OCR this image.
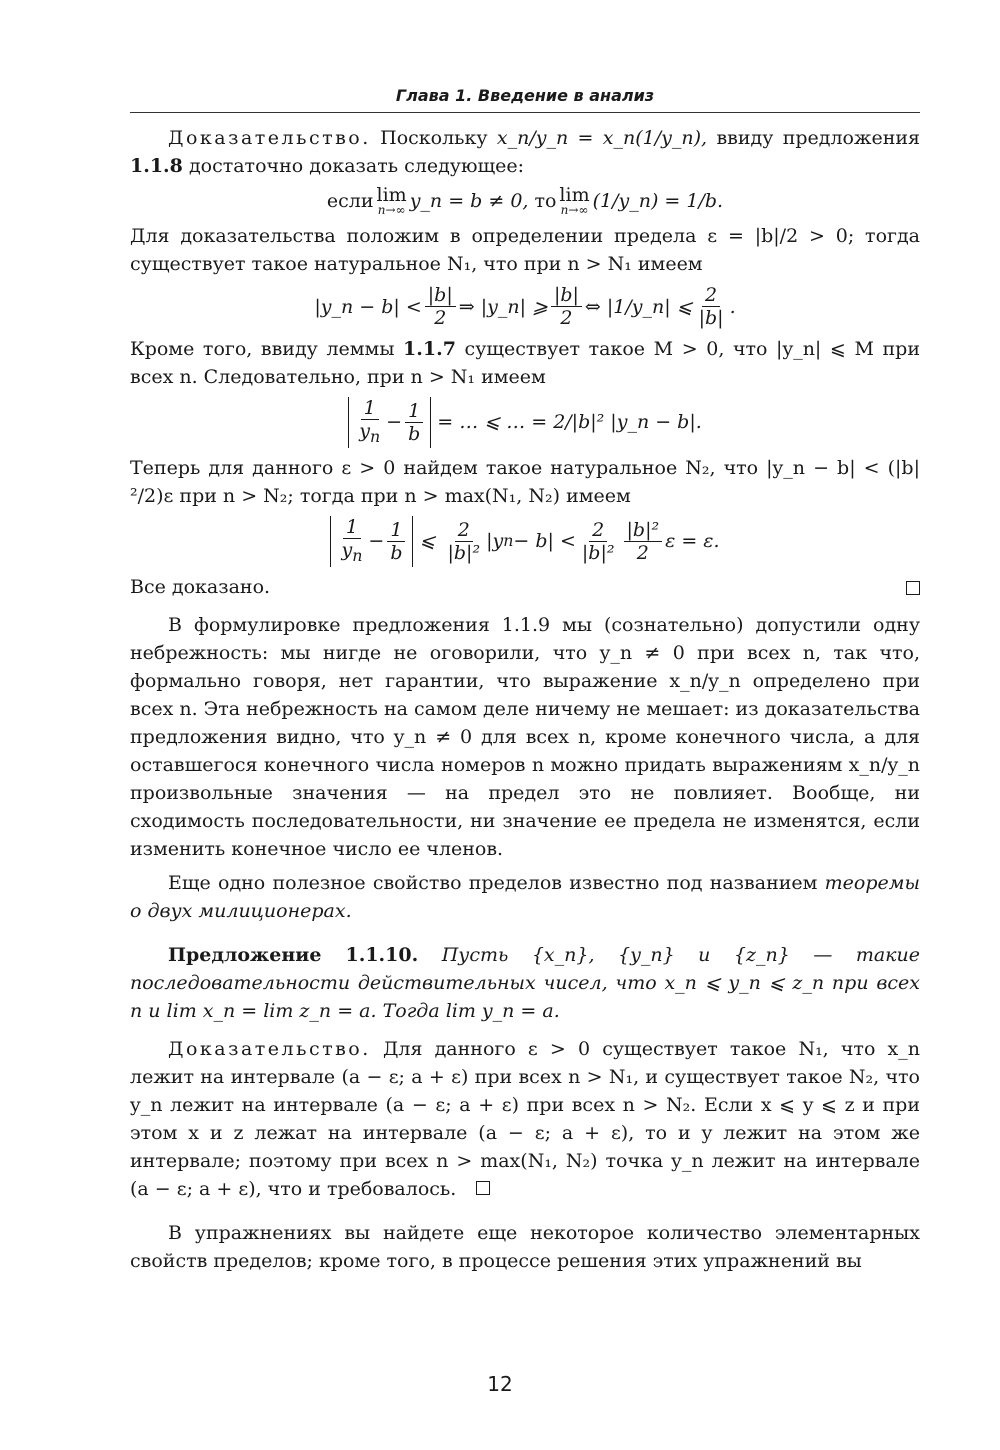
Глава 1. Введение в анализ

Доказательство. Поскольку x_n/y_n = x_n(1/y_n), ввиду предложения 1.1.8 достаточно доказать следующее:

если lim
n→∞ y_n = b ≠ 0, то lim
n→∞ (1/y_n) = 1/b.

Для доказательства положим в определении предела ε = |b|/2 > 0; тогда существует такое натуральное N₁, что при n > N₁ имеем

|y_n − b| <
|b|
2
⇒ |y_n| ⩾
|b|
2
⇔ |1/y_n| ⩽
2
|b|
.

Кроме того, ввиду леммы 1.1.7 существует такое M > 0, что |y_n| ⩽ M при всех n. Следовательно, при n > N₁ имеем

1
$y_n$
−
1
b
= … ⩽ … = 2/|b|² |y_n − b|.

Теперь для данного ε > 0 найдем такое натуральное N₂, что |y_n − b| < (|b|²/2)ε при n > N₂; тогда при n > max(N₁, N₂) имеем

1
$y_n$
−
1
b
⩽
2
|b|²
|y n − b| <
2
|b|²
|b|²
2
ε = ε.
Все доказано.

В формулировке предложения 1.1.9 мы (сознательно) допустили одну небрежность: мы нигде не оговорили, что y_n ≠ 0 при всех n, так что, формально говоря, нет гарантии, что выражение x_n/y_n определено при всех n. Эта небрежность на самом деле ничему не мешает: из доказательства предложения видно, что y_n ≠ 0 для всех n, кроме конечного числа, а для оставшегося конечного числа номеров n можно придать выражениям x_n/y_n произвольные значения — на предел это не повлияет. Вообще, ни сходимость последовательности, ни значение ее предела не изменятся, если изменить конечное число ее членов.

Еще одно полезное свойство пределов известно под названием теоремы о двух милиционерах.

Предложение 1.1.10. Пусть {x_n}, {y_n} и {z_n} — такие последовательности действительных чисел, что x_n ⩽ y_n ⩽ z_n при всех n и lim x_n = lim z_n = a. Тогда lim y_n = a.

Доказательство. Для данного ε > 0 существует такое N₁, что x_n лежит на интервале (a − ε; a + ε) при всех n > N₁, и существует такое N₂, что y_n лежит на интервале (a − ε; a + ε) при всех n > N₂. Если x ⩽ y ⩽ z и при этом x и z лежат на интервале (a − ε; a + ε), то и y лежит на этом же интервале; поэтому при всех n > max(N₁, N₂) точка y_n лежит на интервале (a − ε; a + ε), что и требовалось.

В упражнениях вы найдете еще некоторое количество элементарных свойств пределов; кроме того, в процессе решения этих упражнений вы

12
